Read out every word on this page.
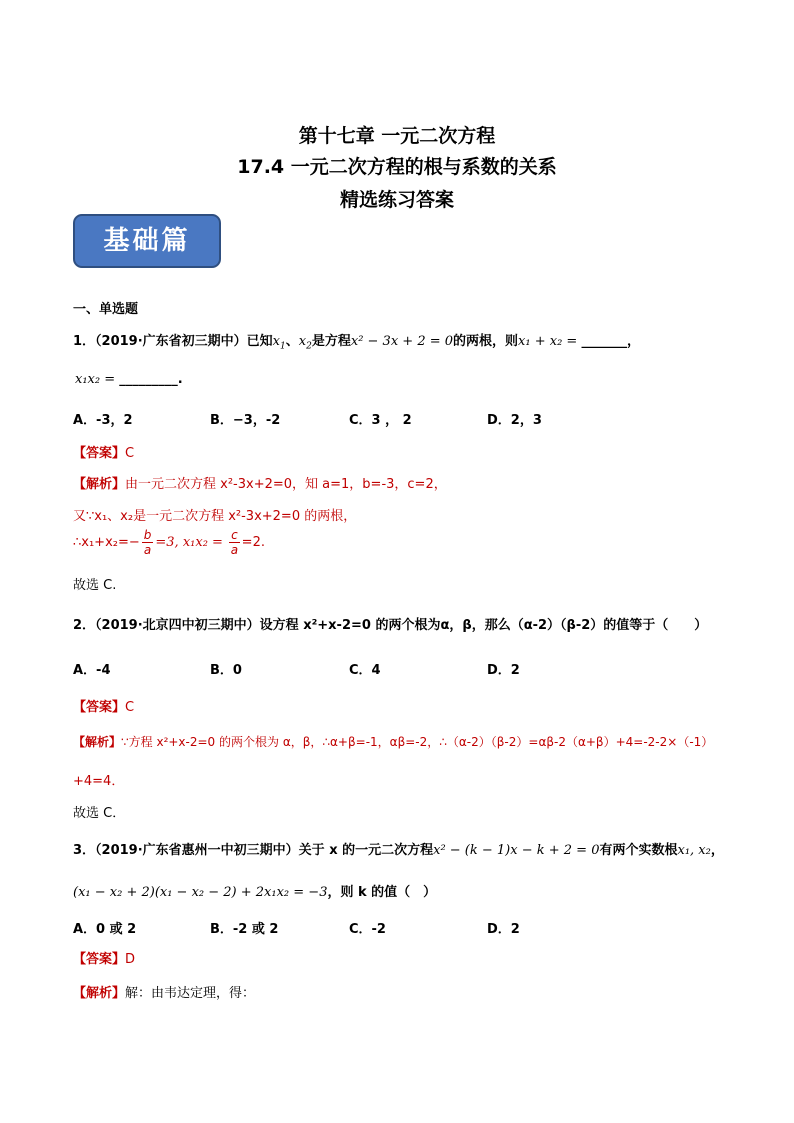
第十七章 一元二次方程
17.4 一元二次方程的根与系数的关系
精选练习答案
基础篇
一、单选题
1．（2019·广东省初三期中）已知$x_1$、$x_2$是方程x² − 3x + 2 = 0的两根，则x₁ + x₂ = _______，
x₁x₂ = _________.
A．-3，2	B．−3，-2	C．3 ， 2	D．2，3
【答案】C
【解析】由一元二次方程 x²-3x+2=0，知 a=1，b=-3，c=2，
又∵x₁、x₂是一元二次方程 x²-3x+2=0 的两根，
∴x₁+x₂=− $\frac{b}{a} =3$, $x_1x_2 = \frac{c}{a} =2$.
故选 C.
2．（2019·北京四中初三期中）设方程 x²+x-2=0 的两个根为α，β，那么（α-2）（β-2）的值等于（　　）
A．-4	B．0	C．4	D．2
【答案】C
【解析】∵方程 x²+x-2=0 的两个根为 α，β，∴α+β=-1，αβ=-2，∴（α-2）（β-2）=αβ-2（α+β）+4=-2-2×（-1）
+4=4．
故选 C．
3．（2019·广东省惠州一中初三期中）关于 x 的一元二次方程x² − (k − 1)x − k + 2 = 0有两个实数根x₁, x₂，
(x₁ − x₂ + 2)(x₁ − x₂ − 2) + 2x₁x₂ = −3，则 k 的值（　）
A．0 或 2	B．-2 或 2	C．-2	D．2
【答案】D
【解析】解：由韦达定理，得：
